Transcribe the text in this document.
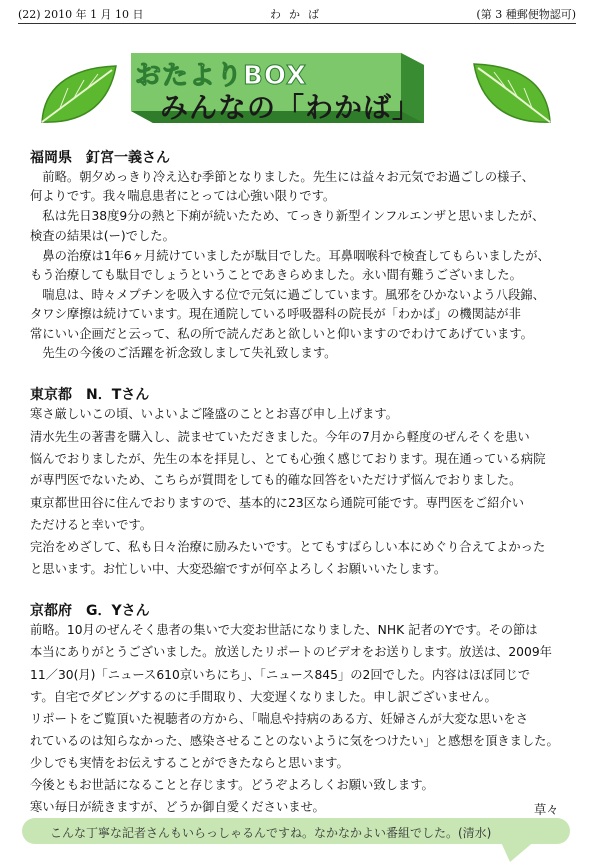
(22) 2010 年 1 月 10 日	わかば	(第 3 種郵便物認可)
おたよりBOX
みんなの「わかば」
福岡県　釘宮一義さん
　前略。朝夕めっきり冷え込む季節となりました。先生には益々お元気でお過ごしの様子、
何よりです。我々喘息患者にとっては心強い限りです。
　私は先日38度9分の熱と下痢が続いたため、てっきり新型インフルエンザと思いましたが、
検査の結果は(ー)でした。
　鼻の治療は1年6ヶ月続けていましたが駄目でした。耳鼻咽喉科で検査してもらいましたが、
もう治療しても駄目でしょうということであきらめました。永い間有難うございました。
　喘息は、時々メプチンを吸入する位で元気に過ごしています。風邪をひかないよう八段錦、
タワシ摩擦は続けています。現在通院している呼吸器科の院長が「わかば」の機関誌が非
常にいい企画だと云って、私の所で読んだあと欲しいと仰いますのでわけてあげています。
　先生の今後のご活躍を祈念致しまして失礼致します。
東京都　N．Tさん
寒さ厳しいこの頃、いよいよご隆盛のこととお喜び申し上げます。
清水先生の著書を購入し、読ませていただきました。今年の7月から軽度のぜんそくを患い
悩んでおりましたが、先生の本を拝見し、とても心強く感じております。現在通っている病院
が専門医でないため、こちらが質問をしても的確な回答をいただけず悩んでおりました。
東京都世田谷に住んでおりますので、基本的に23区なら通院可能です。専門医をご紹介い
ただけると幸いです。
完治をめざして、私も日々治療に励みたいです。とてもすばらしい本にめぐり合えてよかった
と思います。お忙しい中、大変恐縮ですが何卒よろしくお願いいたします。
京都府　G．Yさん
前略。10月のぜんそく患者の集いで大変お世話になりました、NHK 記者のYです。その節は
本当にありがとうございました。放送したリポートのビデオをお送りします。放送は、2009年
11／30(月)「ニュース610京いちにち」、「ニュース845」の2回でした。内容はほぼ同じで
す。自宅でダビングするのに手間取り、大変遅くなりました。申し訳ございません。
リポートをご覧頂いた視聴者の方から、「喘息や持病のある方、妊婦さんが大変な思いをさ
れているのは知らなかった、感染させることのないように気をつけたい」と感想を頂きました。
少しでも実情をお伝えすることができたならと思います。
今後ともお世話になることと存じます。どうぞよろしくお願い致します。
寒い毎日が続きますが、どうか御自愛くださいませ。	草々
こんな丁寧な記者さんもいらっしゃるんですね。なかなかよい番組でした。(清水)
